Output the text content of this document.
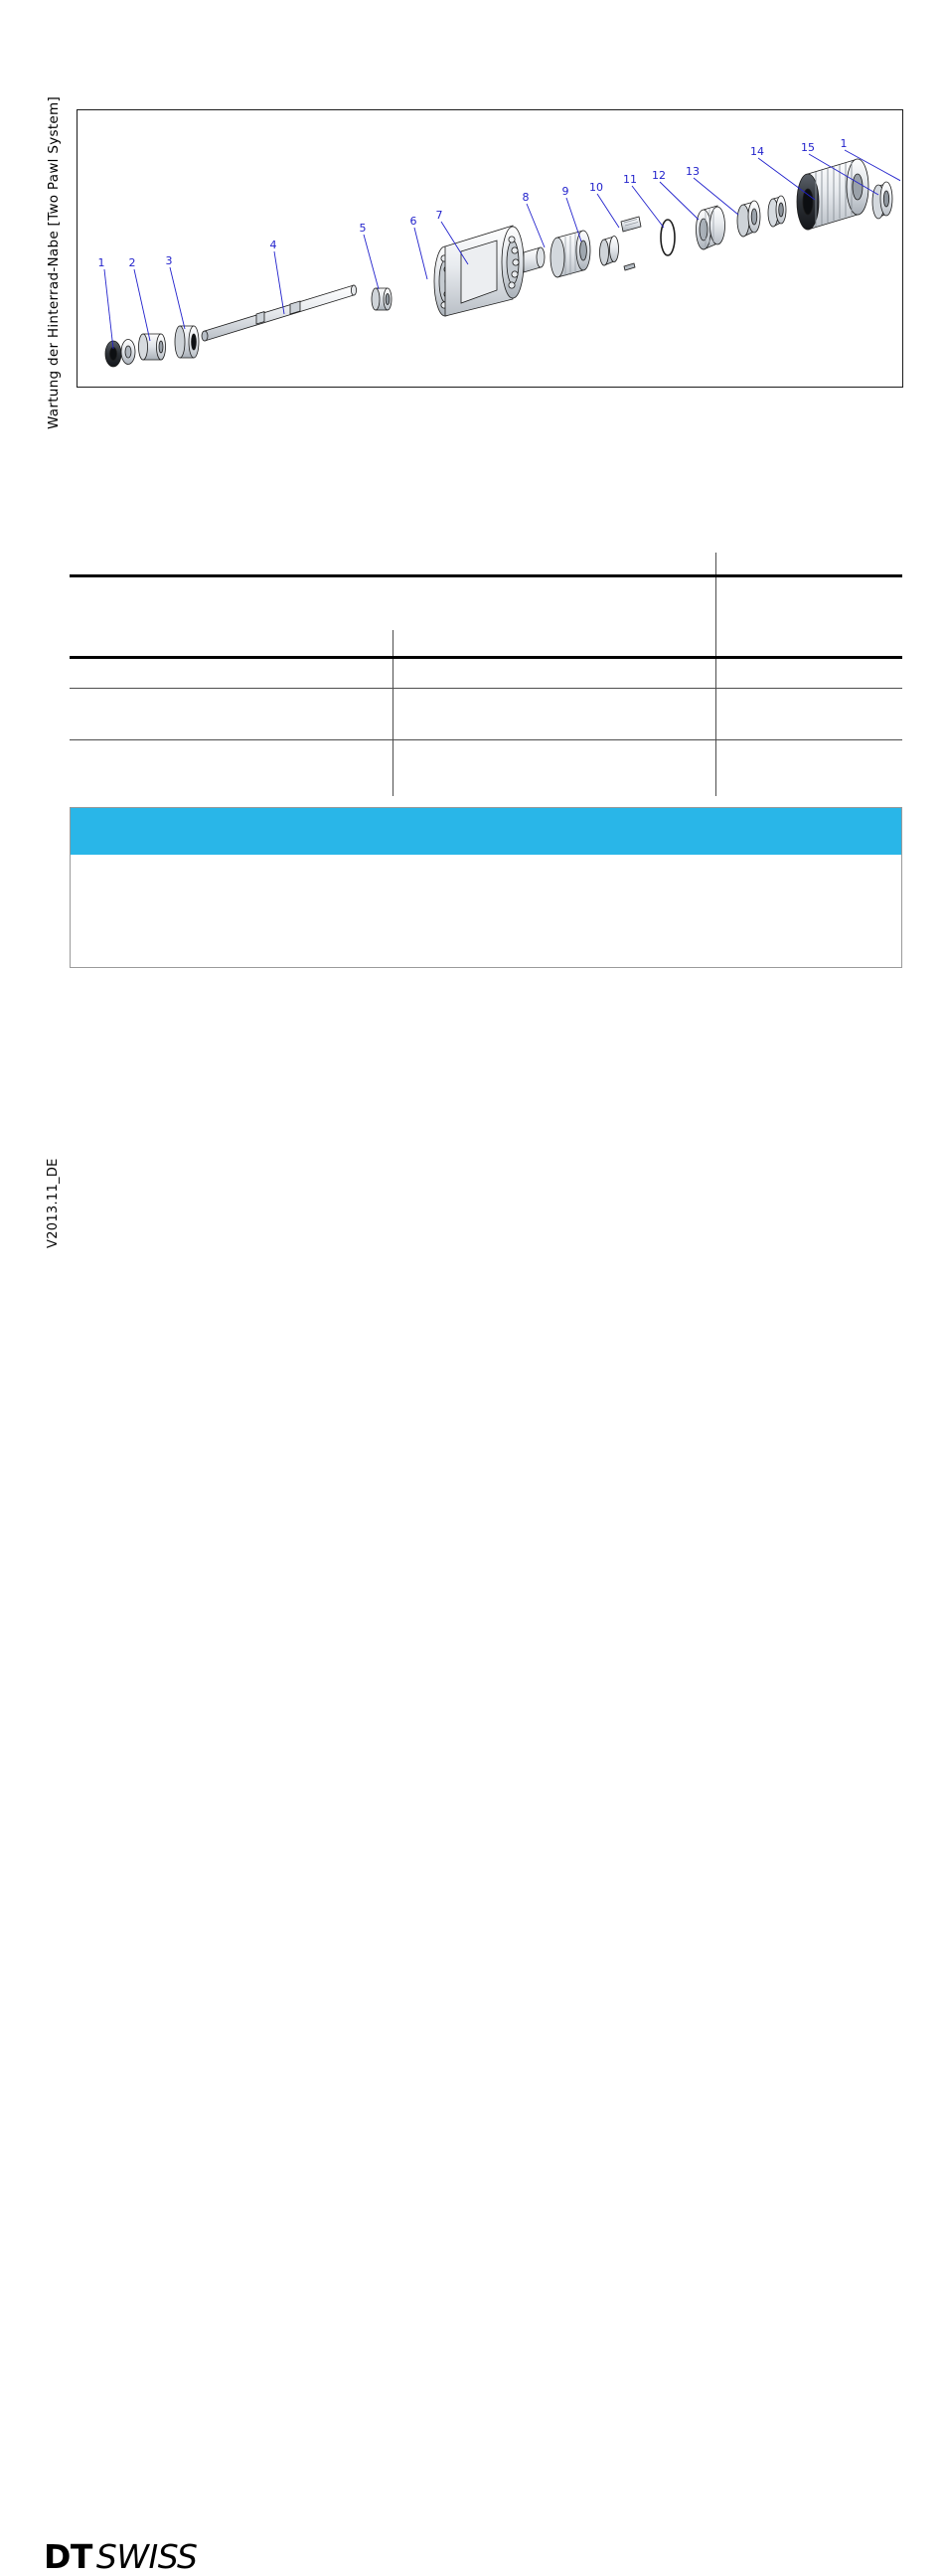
Wartung der Hinterrad-Nabe [Two Pawl System]
V2013.11_DE
1 2	3
4
5
6 7
8	9 10
11 12 13
14	15 1
DT SWISS
